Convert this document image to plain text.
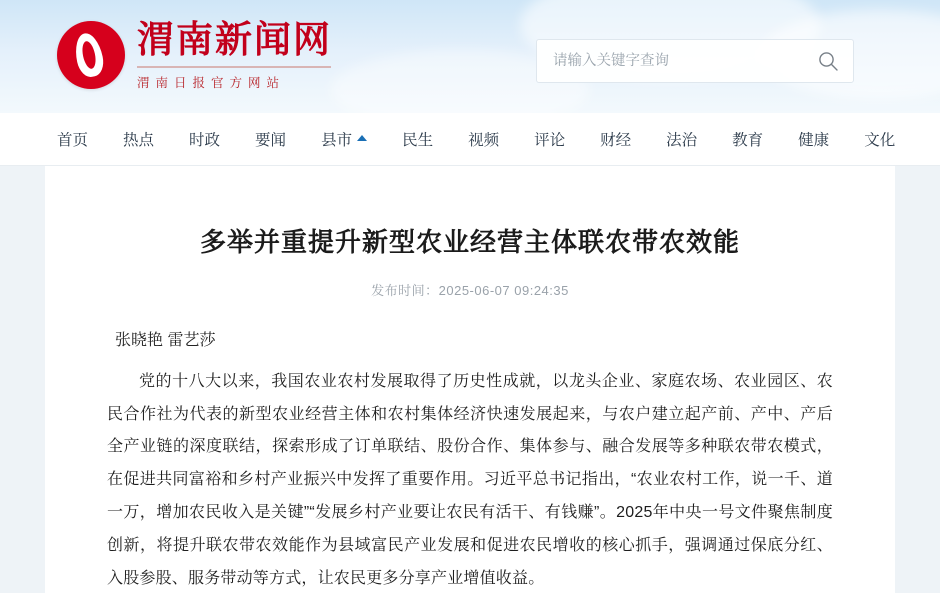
渭南新闻网
渭南日报官方网站
请输入关键字查询
首页 热点 时政 要闻 县市	民生 视频 评论 财经 法治 教育 健康 文化
多举并重提升新型农业经营主体联农带农效能
发布时间：2025-06-07 09:24:35
张晓艳 雷艺莎

党的十八大以来，我国农业农村发展取得了历史性成就，以龙头企业、家庭农场、农业园区、农民合作社为代表的新型农业经营主体和农村集体经济快速发展起来，与农户建立起产前、产中、产后全产业链的深度联结，探索形成了订单联结、股份合作、集体参与、融合发展等多种联农带农模式，在促进共同富裕和乡村产业振兴中发挥了重要作用。习近平总书记指出，“农业农村工作，说一千、道一万，增加农民收入是关键”“发展乡村产业要让农民有活干、有钱赚”。2025年中央一号文件聚焦制度创新，将提升联农带农效能作为县域富民产业发展和促进农民增收的核心抓手，强调通过保底分红、入股参股、服务带动等方式，让农民更多分享产业增值收益。
